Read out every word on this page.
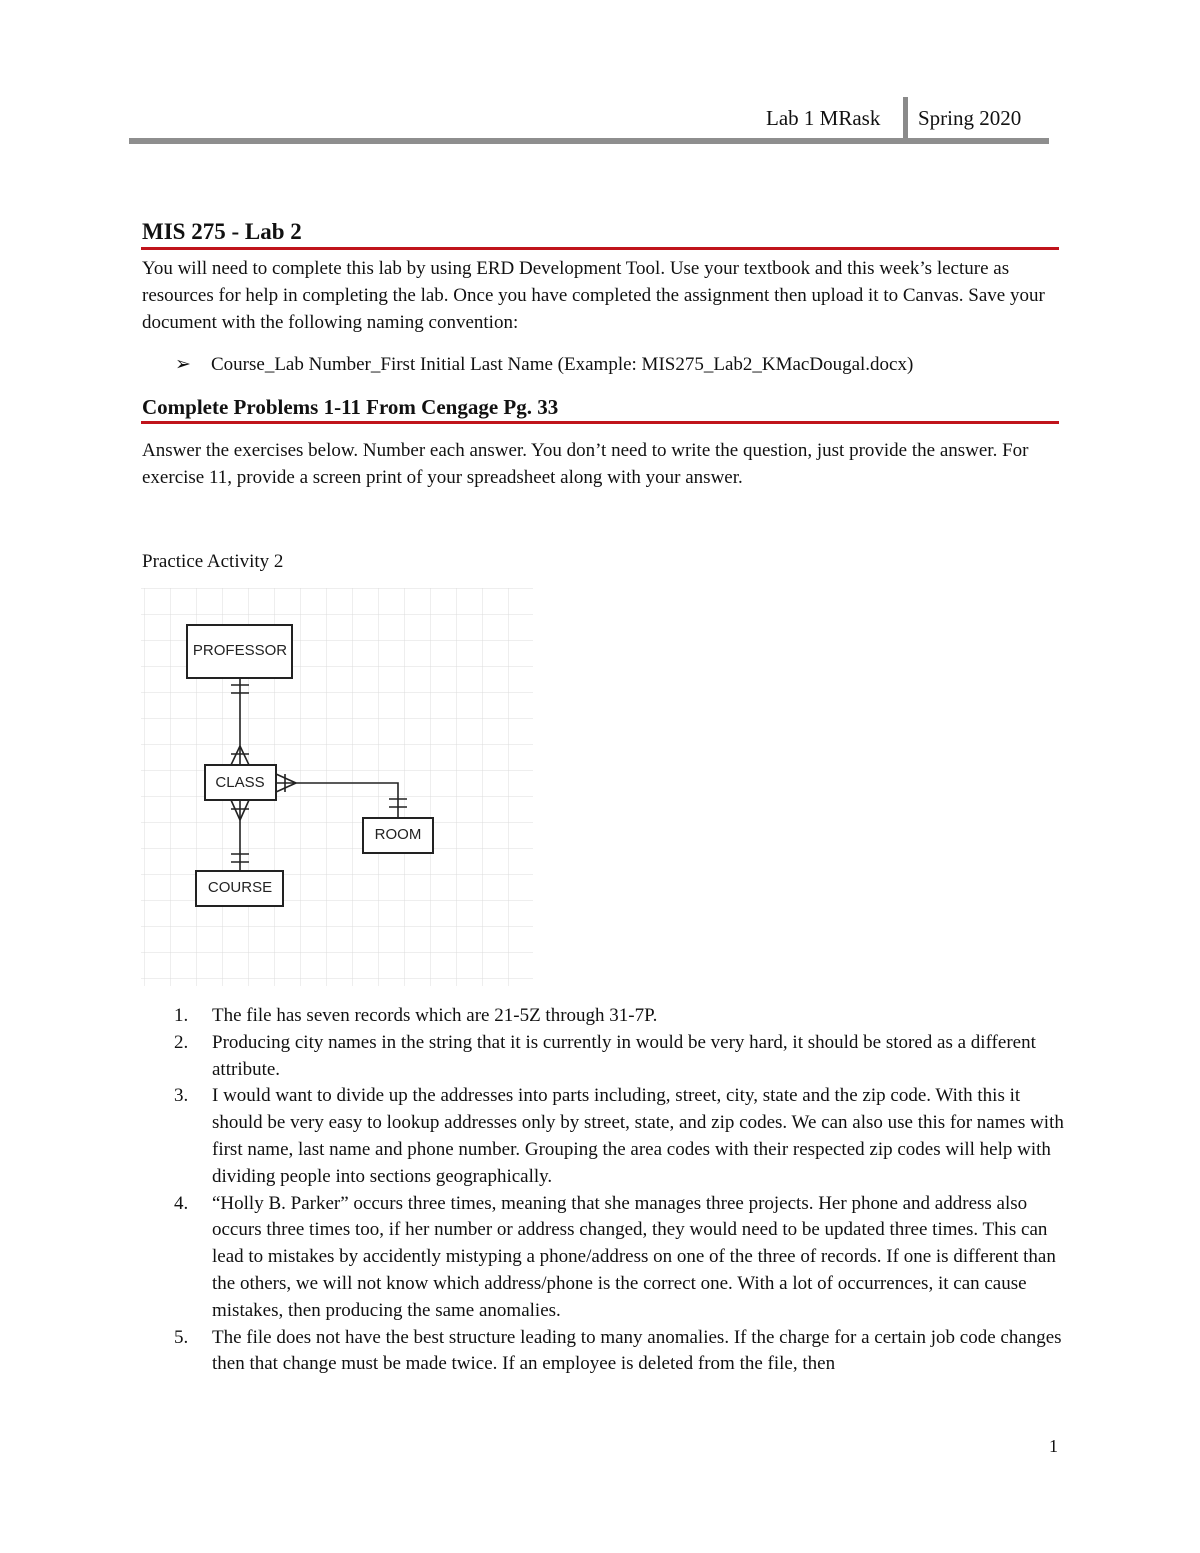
Lab 1 MRask Spring 2020
MIS 275 - Lab 2
You will need to complete this lab by using ERD Development Tool. Use your textbook and this week’s lecture as resources for help in completing the lab. Once you have completed the assignment then upload it to Canvas. Save your document with the following naming convention:
➢ Course_Lab Number_First Initial Last Name (Example: MIS275_Lab2_KMacDougal.docx)
Complete Problems 1-11 From Cengage Pg. 33
Answer the exercises below. Number each answer. You don’t need to write the question, just provide the answer. For exercise 11, provide a screen print of your spreadsheet along with your answer.
Practice Activity 2
PROFESSOR
CLASS
ROOM
COURSE
1. The file has seven records which are 21-5Z through 31-7P.
2. Producing city names in the string that it is currently in would be very hard, it should be stored as a different attribute.
3. I would want to divide up the addresses into parts including, street, city, state and the zip code. With this it should be very easy to lookup addresses only by street, state, and zip codes. We can also use this for names with first name, last name and phone number. Grouping the area codes with their respected zip codes will help with dividing people into sections geographically.
4. “Holly B. Parker” occurs three times, meaning that she manages three projects. Her phone and address also occurs three times too, if her number or address changed, they would need to be updated three times. This can lead to mistakes by accidently mistyping a phone/address on one of the three of records. If one is different than the others, we will not know which address/phone is the correct one. With a lot of occurrences, it can cause mistakes, then producing the same anomalies.
5. The file does not have the best structure leading to many anomalies. If the charge for a certain job code changes then that change must be made twice. If an employee is deleted from the file, then
1
